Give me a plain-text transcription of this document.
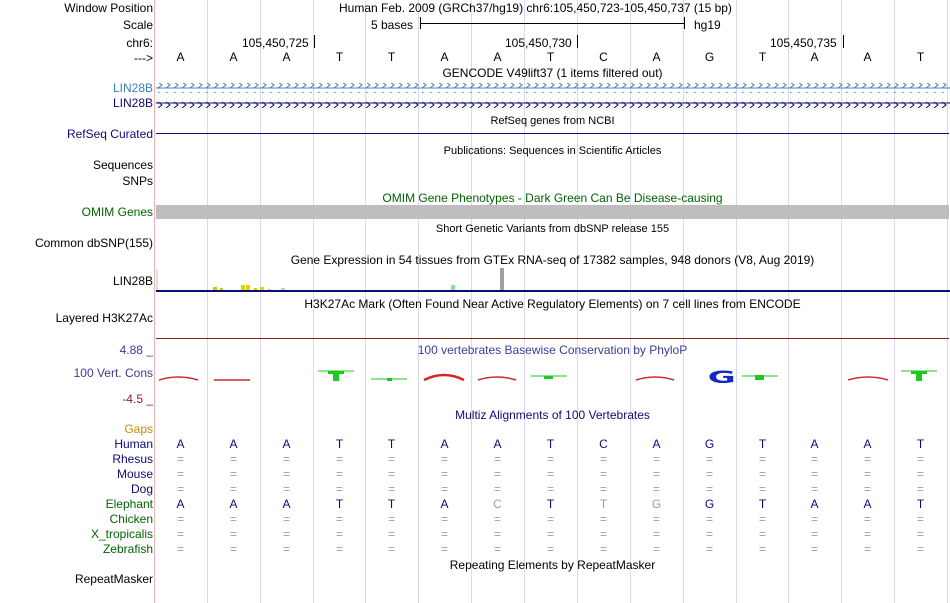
Window Position
Scale
chr6:
--->
Human Feb. 2009 (GRCh37/hg19) chr6:105,450,723-105,450,737 (15 bp)
5 bases	hg19
105,450,725	105,450,730	105,450,735
A	A	A	T	T	A	A	T	C	A	G	T	A	A	T
GENCODE V49lift37 (1 items filtered out)
LIN28B
LIN28B
RefSeq genes from NCBI
RefSeq Curated
Publications: Sequences in Scientific Articles
Sequences
SNPs
OMIM Gene Phenotypes - Dark Green Can Be Disease-causing
OMIM Genes
Short Genetic Variants from dbSNP release 155
Common dbSNP(155)
Gene Expression in 54 tissues from GTEx RNA-seq of 17382 samples, 948 donors (V8, Aug 2019)
LIN28B
H3K27Ac Mark (Often Found Near Active Regulatory Elements) on 7 cell lines from ENCODE
Layered H3K27Ac
100 vertebrates Basewise Conservation by PhyloP
4.88 _
100 Vert. Cons
-4.5 _
G
Multiz Alignments of 100 Vertebrates
Gaps
Human	A	A	A	T	T	A	A	T	C	A	G	T	A	A	T
Rhesus	=	=	=	=	=	=	=	=	=	=	=	=	=	=	=
Mouse	=	=	=	=	=	=	=	=	=	=	=	=	=	=	=
Dog	=	=	=	=	=	=	=	=	=	=	=	=	=	=	=
Elephant	A	A	A	T	T	A	C	T	T	G	G	T	A	A	T
Chicken	=	=	=	=	=	=	=	=	=	=	=	=	=	=	=
X_tropicalis	=	=	=	=	=	=	=	=	=	=	=	=	=	=	=
Zebrafish	=	=	=	=	=	=	=	=	=	=	=	=	=	=	=
Repeating Elements by RepeatMasker
RepeatMasker
